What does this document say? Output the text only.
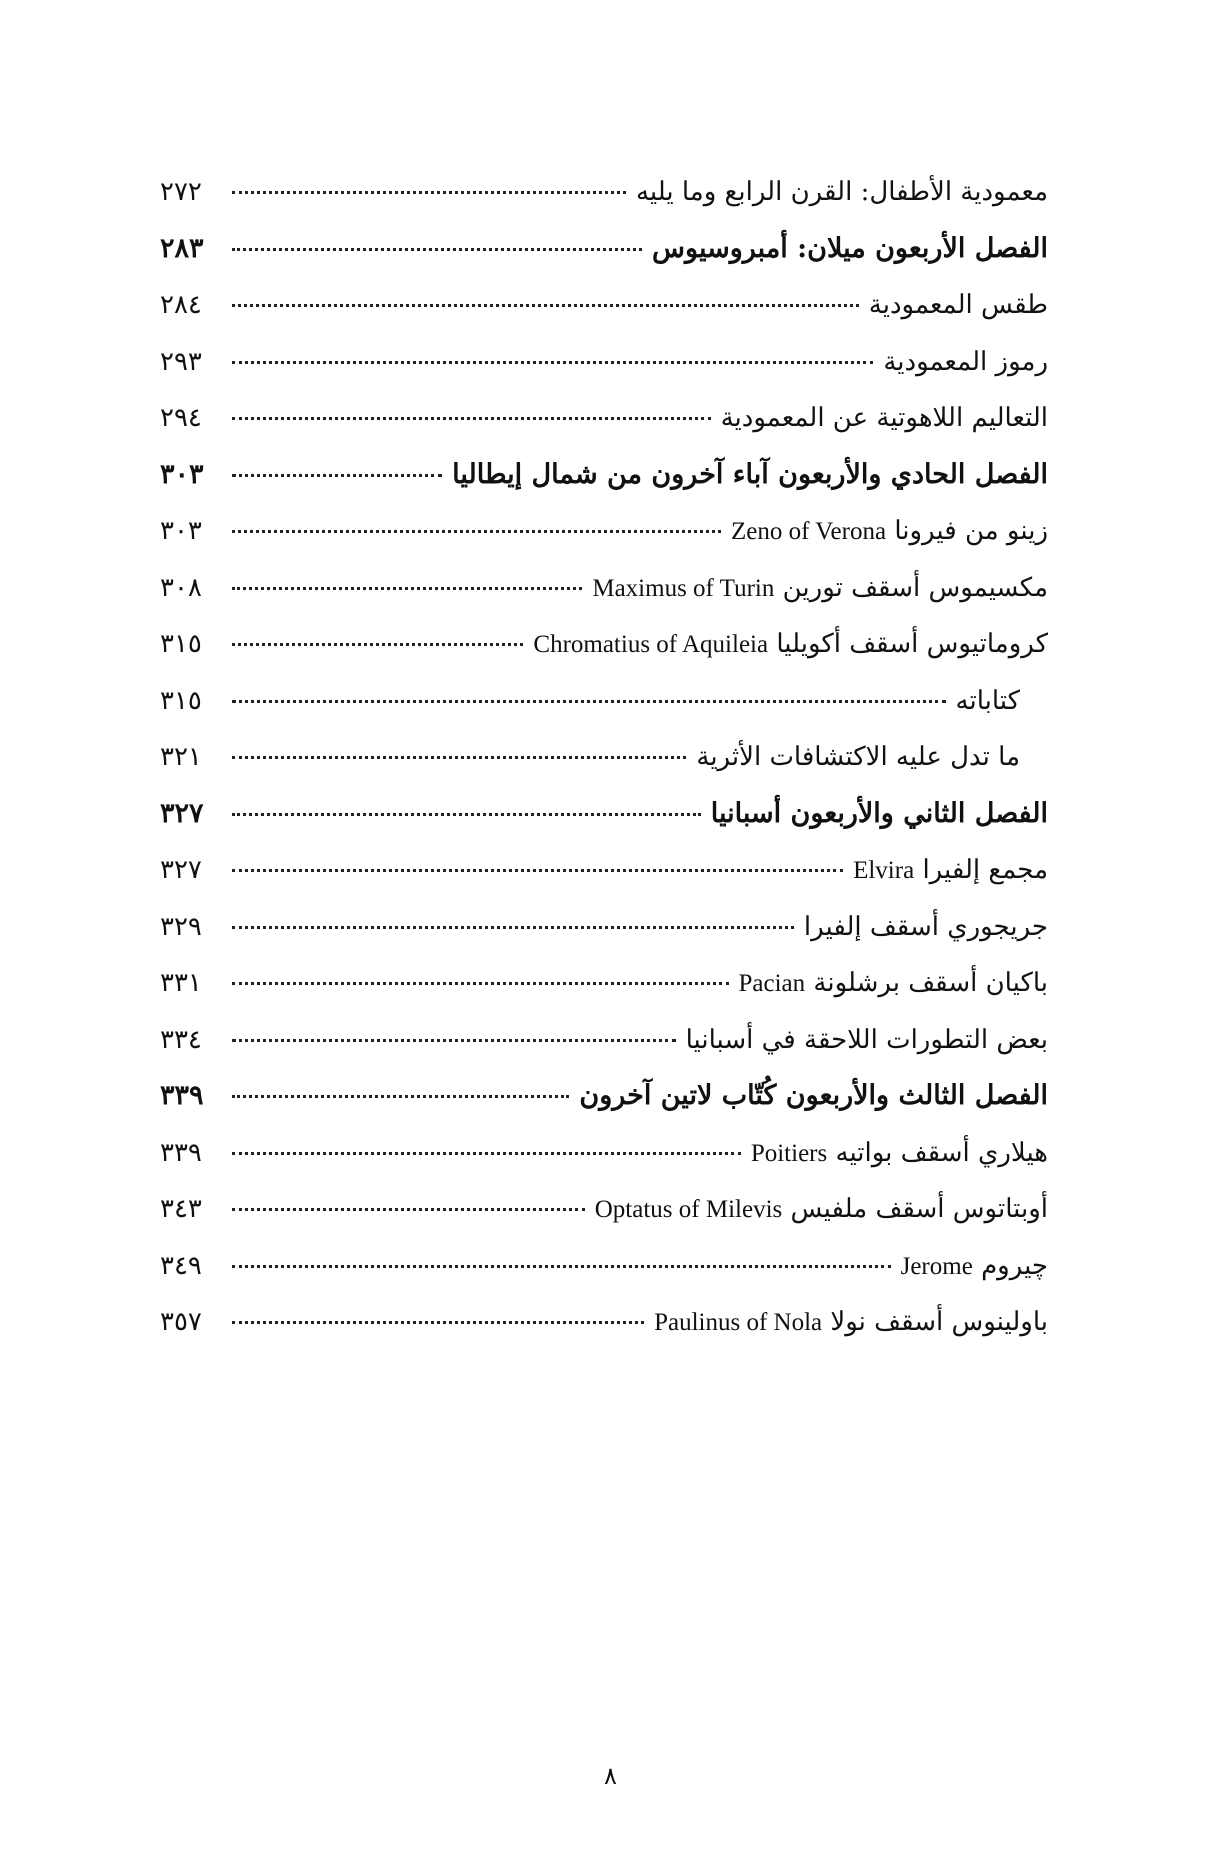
معمودية الأطفال: القرن الرابع وما يليه
٢٧٢
الفصل الأربعون ميلان: أمبروسيوس
٢٨٣
طقس المعمودية
٢٨٤
رموز المعمودية
٢٩٣
التعاليم اللاهوتية عن المعمودية
٢٩٤
الفصل الحادي والأربعون آباء آخرون من شمال إيطاليا
٣٠٣
زينو من فيرونا Zeno of Verona
٣٠٣
مكسيموس أسقف تورين Maximus of Turin
٣٠٨
كروماتيوس أسقف أكويليا Chromatius of Aquileia
٣١٥
كتاباته
٣١٥
ما تدل عليه الاكتشافات الأثرية
٣٢١
الفصل الثاني والأربعون أسبانيا
٣٢٧
مجمع إلفيرا Elvira
٣٢٧
جريجوري أسقف إلفيرا
٣٢٩
باكيان أسقف برشلونة Pacian
٣٣١
بعض التطورات اللاحقة في أسبانيا
٣٣٤
الفصل الثالث والأربعون كُتّاب لاتين آخرون
٣٣٩
هيلاري أسقف بواتيه Poitiers
٣٣٩
أوبتاتوس أسقف ملفيس Optatus of Milevis
٣٤٣
چيروم Jerome
٣٤٩
باولينوس أسقف نولا Paulinus of Nola
٣٥٧
٨
